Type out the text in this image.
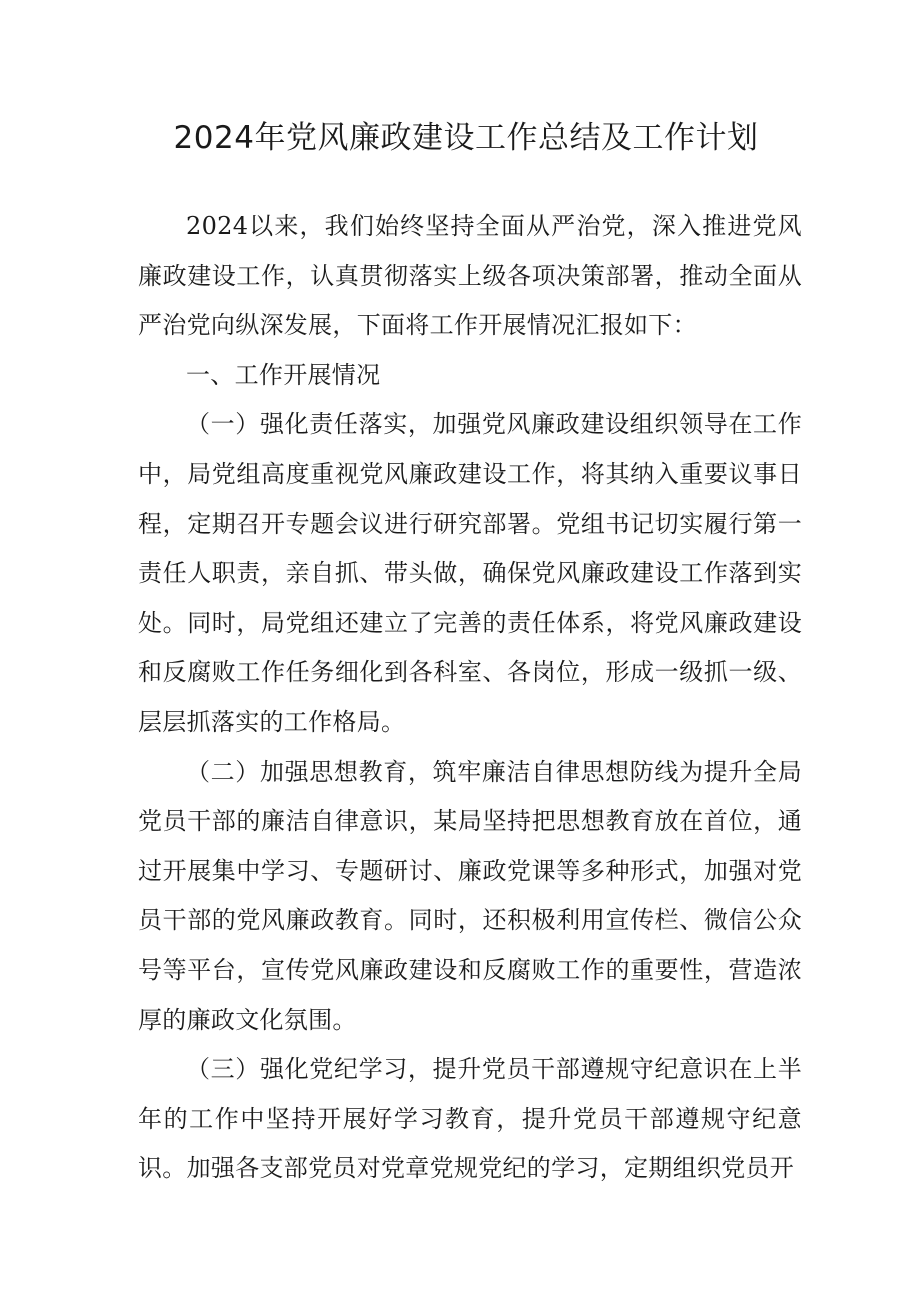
2024年党风廉政建设工作总结及工作计划

2024以来，我们始终坚持全面从严治党，深入推进党风廉政建设工作，认真贯彻落实上级各项决策部署，推动全面从严治党向纵深发展，下面将工作开展情况汇报如下：

一、工作开展情况

（一）强化责任落实，加强党风廉政建设组织领导在工作中，局党组高度重视党风廉政建设工作，将其纳入重要议事日程，定期召开专题会议进行研究部署。党组书记切实履行第一责任人职责，亲自抓、带头做，确保党风廉政建设工作落到实处。同时，局党组还建立了完善的责任体系，将党风廉政建设和反腐败工作任务细化到各科室、各岗位，形成一级抓一级、层层抓落实的工作格局。

（二）加强思想教育，筑牢廉洁自律思想防线为提升全局党员干部的廉洁自律意识，某局坚持把思想教育放在首位，通过开展集中学习、专题研讨、廉政党课等多种形式，加强对党员干部的党风廉政教育。同时，还积极利用宣传栏、微信公众号等平台，宣传党风廉政建设和反腐败工作的重要性，营造浓厚的廉政文化氛围。

（三）强化党纪学习，提升党员干部遵规守纪意识在上半年的工作中坚持开展好学习教育，提升党员干部遵规守纪意识。加强各支部党员对党章党规党纪的学习，定期组织党员开
